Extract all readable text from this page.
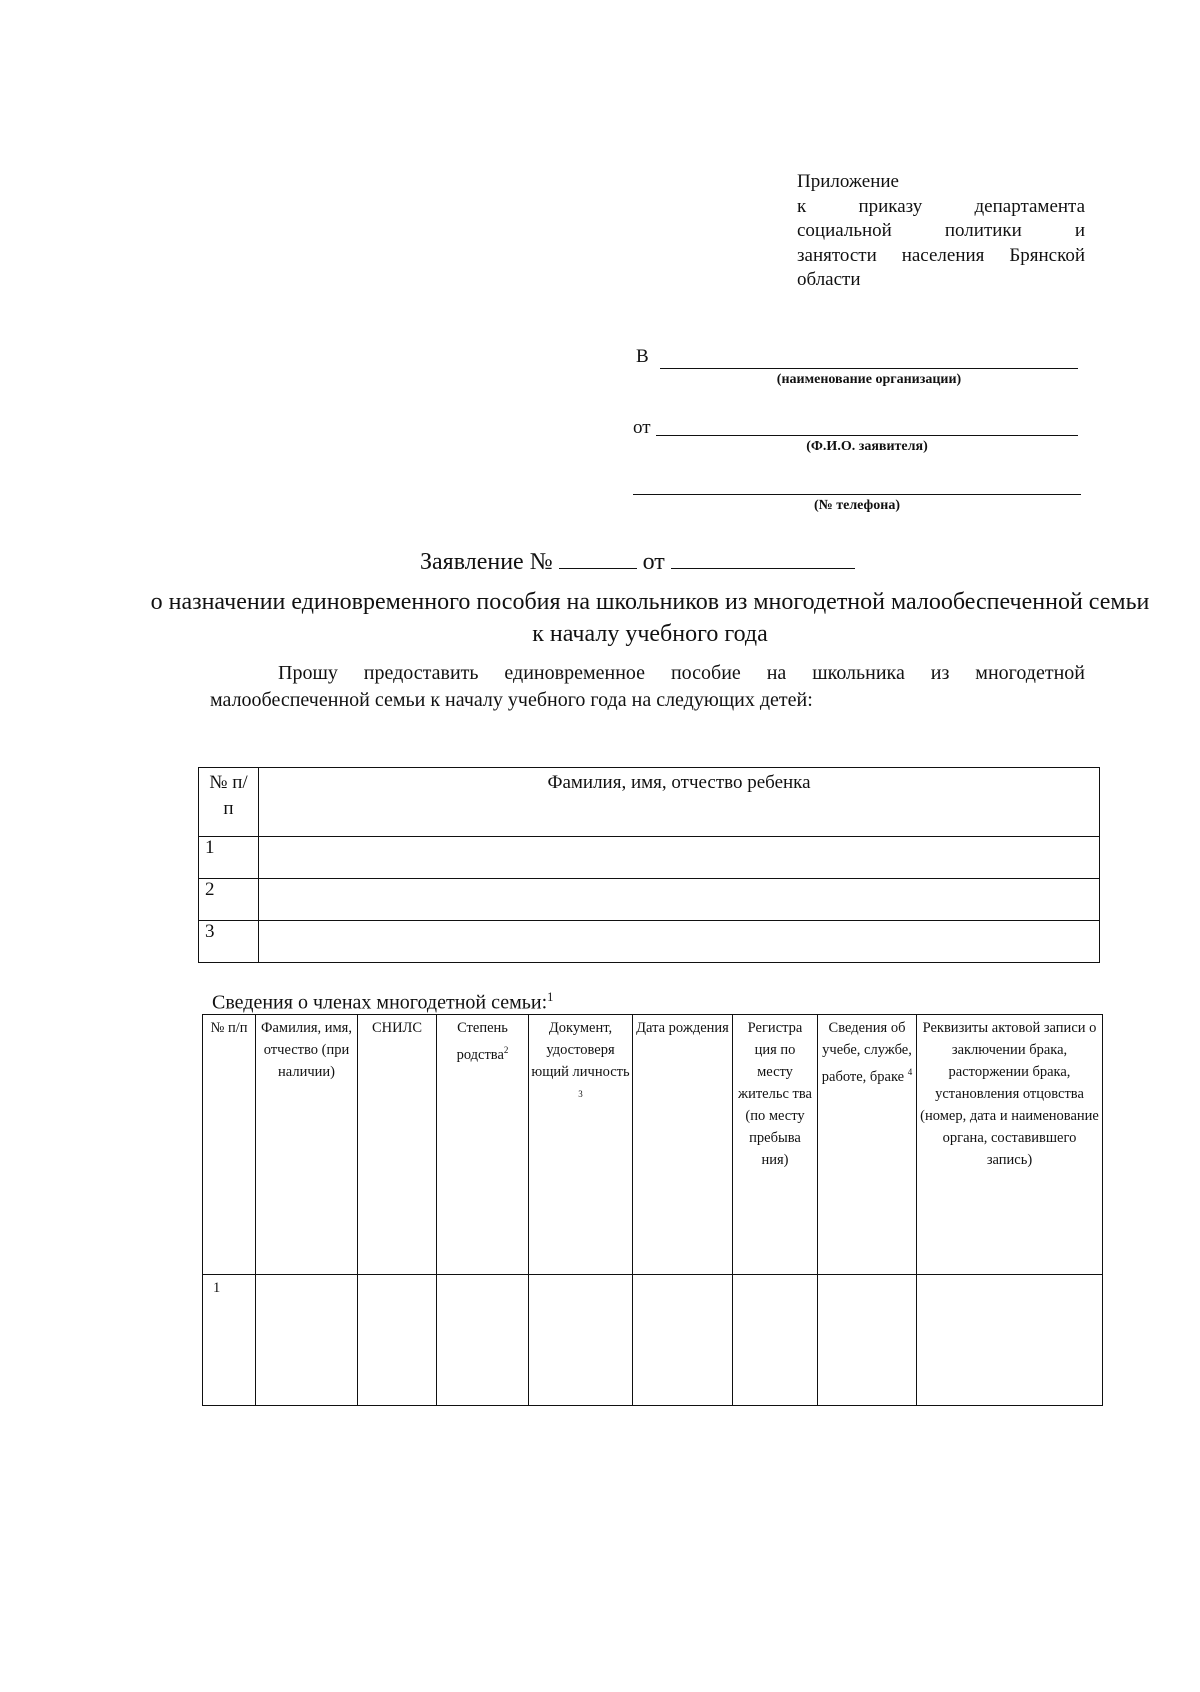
Приложение
к	приказу	департамента
социальной	политики	и
занятости населения Брянской
области
В
(наименование организации)
от
(Ф.И.О. заявителя)
(№ телефона)
Заявление №	от
о назначении единовременного пособия на школьников из многодетной малообеспеченной семьи к началу учебного года
Прошу предоставить единовременное пособие на школьника из многодетной малообеспеченной семьи к началу учебного года на следующих детей:
№ п/п	Фамилия, имя, отчество ребенка
1	
2	
3	
Сведения о членах многодетной семьи:$^1$
№ п/п	Фамилия, имя, отчество (при наличии)	СНИЛС	Степень родства$^2$	Документ, удостоверя ющий личность $^3$	Дата рождения	Регистра ция по месту жительс тва (по месту пребыва ния)	Сведения об учебе, службе, работе, браке $^4$	Реквизиты актовой записи о заключении брака, расторжении брака, установления отцовства (номер, дата и наименование органа, составившего запись)
1								
